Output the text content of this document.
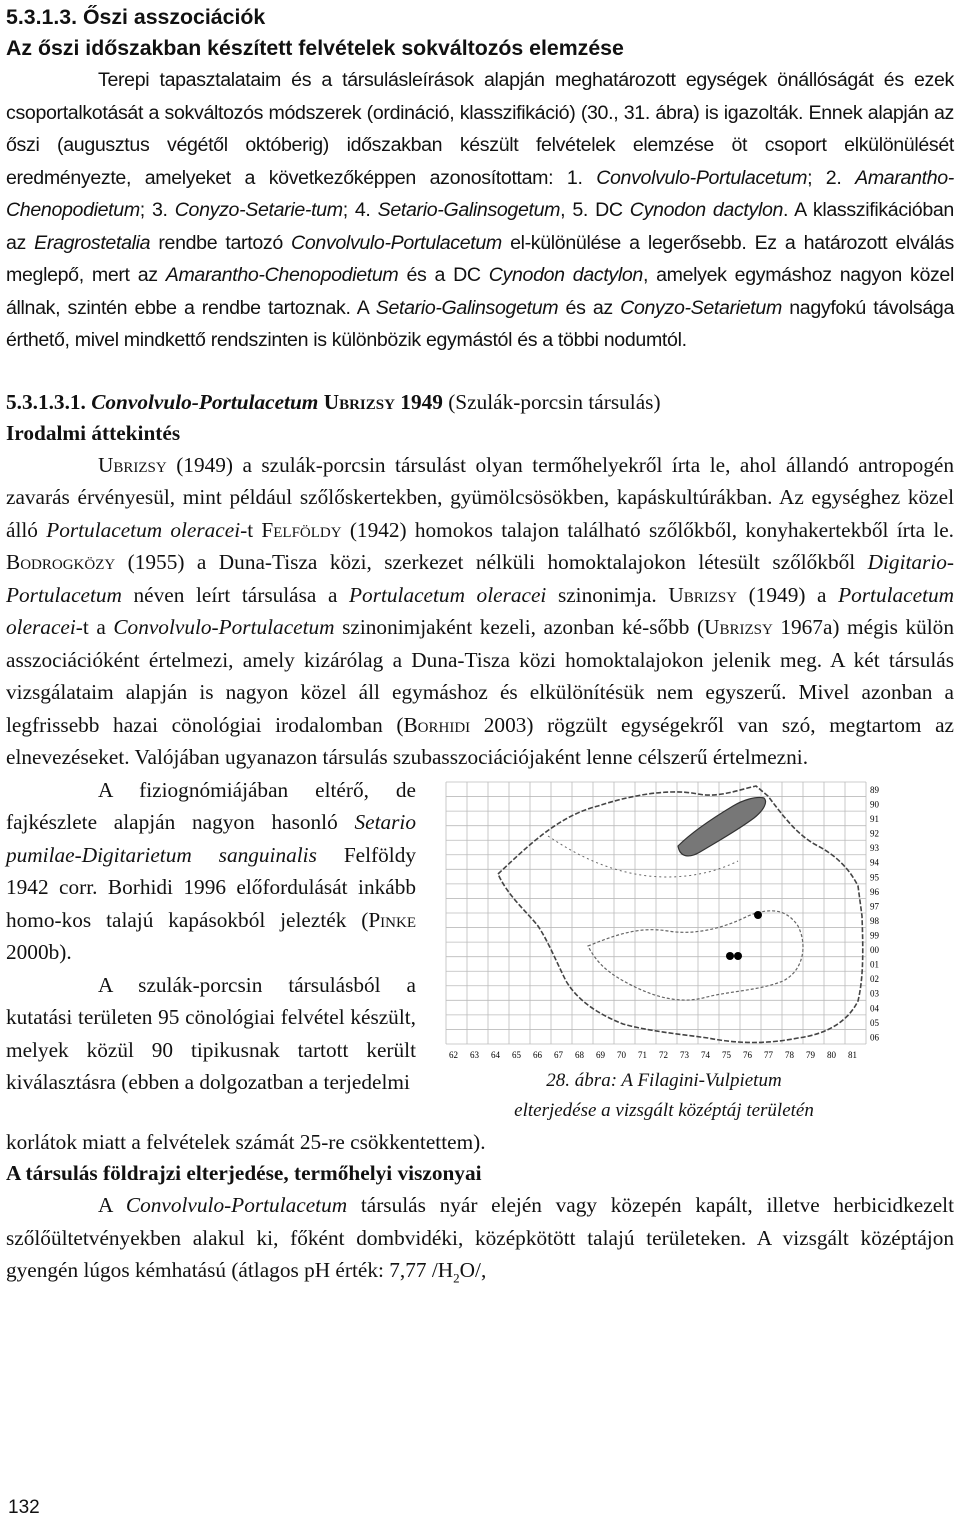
5.3.1.3. Őszi asszociációk
Az őszi időszakban készített felvételek sokváltozós elemzése

Terepi tapasztalataim és a társulásleírások alapján meghatározott egységek önállóságát és ezek csoportalkotását a sokváltozós módszerek (ordináció, klasszifikáció) (30., 31. ábra) is igazolták. Ennek alapján az őszi (augusztus végétől októberig) időszakban készült felvételek elemzése öt csoport elkülönülését eredményezte, amelyeket a következőképpen azonosítottam: 1. Convolvulo-Portulacetum; 2. Amarantho-Chenopodietum; 3. Conyzo-Setarie-tum; 4. Setario-Galinsogetum, 5. DC Cynodon dactylon. A klasszifikációban az Eragrostetalia rendbe tartozó Convolvulo-Portulacetum el-különülése a legerősebb. Ez a határozott elválás meglepő, mert az Amarantho-Chenopodietum és a DC Cynodon dactylon, amelyek egymáshoz nagyon közel állnak, szintén ebbe a rendbe tartoznak. A Setario-Galinsogetum és az Conyzo-Setarietum nagyfokú távolsága érthető, mivel mindkettő rendszinten is különbözik egymástól és a többi nodumtól.

5.3.1.3.1. Convolvulo-Portulacetum Ubrizsy 1949 (Szulák-porcsin társulás)
Irodalmi áttekintés

Ubrizsy (1949) a szulák-porcsin társulást olyan termőhelyekről írta le, ahol állandó antropogén zavarás érvényesül, mint például szőlőskertekben, gyümölcsösökben, kapáskultúrákban. Az egységhez közel álló Portulacetum oleracei-t Felföldy (1942) homokos talajon található szőlőkből, konyhakertekből írta le. Bodrogközy (1955) a Duna-Tisza közi, szerkezet nélküli homoktalajokon létesült szőlőkből Digitario-Portulacetum néven leírt társulása a Portulacetum oleracei szinonimja. Ubrizsy (1949) a Portulacetum oleracei-t a Convolvulo-Portulacetum szinonimjaként kezeli, azonban ké-sőbb (Ubrizsy 1967a) mégis külön asszociációként értelmezi, amely kizárólag a Duna-Tisza közi homoktalajokon jelenik meg. A két társulás vizsgálataim alapján is nagyon közel áll egymáshoz és elkülönítésük nem egyszerű. Mivel azonban a legfrissebb hazai cönológiai irodalomban (Borhidi 2003) rögzült egységekről van szó, megtartom az elnevezéseket. Valójában ugyanazon társulás szubasszociációjaként lenne célszerű értelmezni.

A fiziognómiájában eltérő, de fajkészlete alapján nagyon hasonló Setario pumilae-Digitarietum sanguinalis Felföldy 1942 corr. Borhidi 1996 előfordulását inkább homo-kos talajú kapásokból jelezték (Pinke 2000b).

A szulák-porcsin társulásból a kutatási területen 95 cönológiai felvétel készült, melyek közül 90 tipikusnak tartott került kiválasztásra (ebben a dolgozatban a terjedelmi

89
90
91
92
93
94
95
96
97
98
99
00
01
02
03
04
05
06
62 63 64 65 66 67 68 69 70 71 72 73 74 75 76 77 78 79 80 81
28. ábra: A Filagini-Vulpietum
elterjedése a vizsgált középtáj területén

korlátok miatt a felvételek számát 25-re csökkentettem).

A társulás földrajzi elterjedése, termőhelyi viszonyai

A Convolvulo-Portulacetum társulás nyár elején vagy közepén kapált, illetve herbicidkezelt szőlőültetvényekben alakul ki, főként dombvidéki, középkötött talajú területeken. A vizsgált középtájon gyengén lúgos kémhatású (átlagos pH érték: 7,77 $/H_2O/$,

132
